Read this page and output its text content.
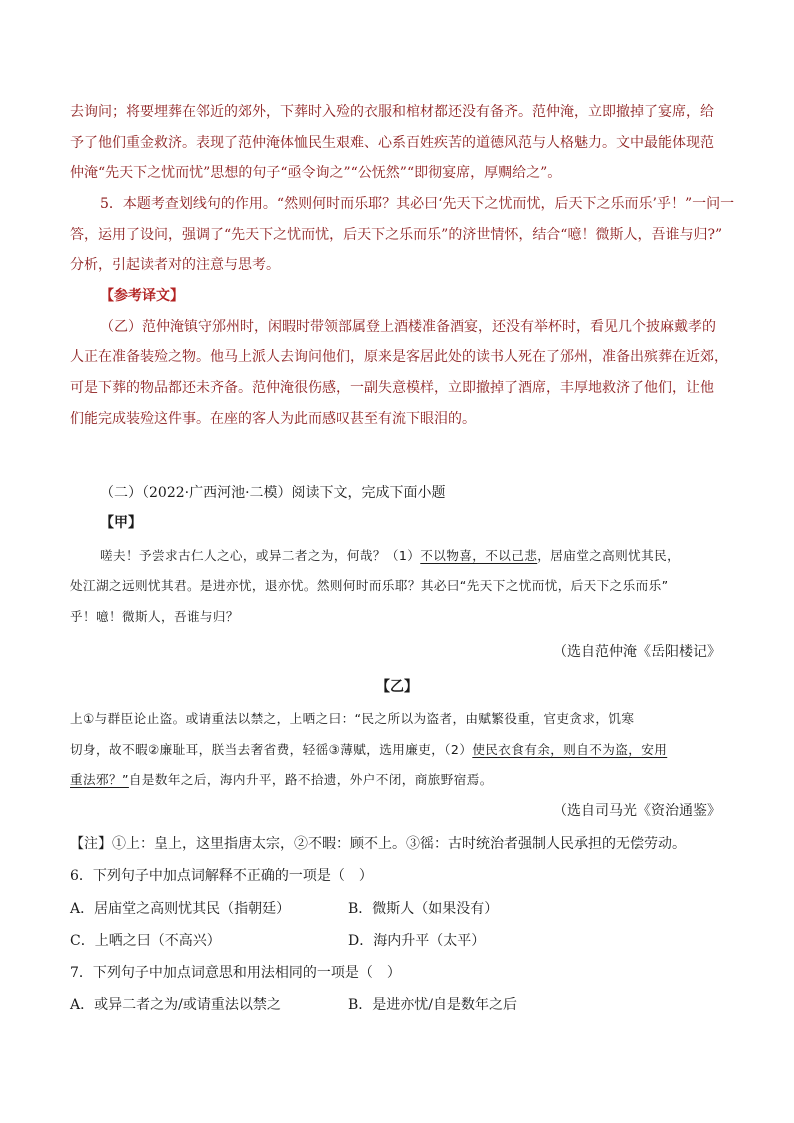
去询问；将要埋葬在邻近的郊外，下葬时入殓的衣服和棺材都还没有备齐。范仲淹，立即撤掉了宴席，给
予了他们重金救济。表现了范仲淹体恤民生艰难、心系百姓疾苦的道德风范与人格魅力。文中最能体现范
仲淹“先天下之忧而忧”思想的句子“亟令询之”“公怃然”“即彻宴席，厚赒给之”。
5．本题考查划线句的作用。“然则何时而乐耶？其必曰‘先天下之忧而忧，后天下之乐而乐’乎！”一问一
答，运用了设问，强调了“先天下之忧而忧，后天下之乐而乐”的济世情怀，结合“噫！微斯人，吾谁与归?”
分析，引起读者对的注意与思考。
【参考译文】
（乙）范仲淹镇守邠州时，闲暇时带领部属登上酒楼准备酒宴，还没有举杯时，看见几个披麻戴孝的
人正在准备装殓之物。他马上派人去询问他们，原来是客居此处的读书人死在了邠州，准备出殡葬在近郊，
可是下葬的物品都还未齐备。范仲淹很伤感，一副失意模样，立即撤掉了酒席，丰厚地救济了他们，让他
们能完成装殓这件事。在座的客人为此而感叹甚至有流下眼泪的。
（二）（2022·广西河池·二模）阅读下文，完成下面小题
【甲】
嗟夫！予尝求古仁人之心，或异二者之为，何哉？（1）不以物喜，不以己悲，居庙堂之高则忧其民，
处江湖之远则忧其君。是进亦忧，退亦忧。然则何时而乐耶？其必曰“先天下之忧而忧，后天下之乐而乐”
乎！噫！微斯人，吾谁与归？
（选自范仲淹《岳阳楼记》
【乙】
上①与群臣论止盗。或请重法以禁之，上哂之曰：“民之所以为盗者，由赋繁役重，官吏贪求，饥寒
切身，故不暇②廉耻耳，朕当去奢省费，轻徭③薄赋，选用廉吏，（2）使民衣食有余，则自不为盗，安用
重法邪？”自是数年之后，海内升平，路不拾遗，外户不闭，商旅野宿焉。
（选自司马光《资治通鉴》
【注】①上：皇上，这里指唐太宗，②不暇：顾不上。③徭：古时统治者强制人民承担的无偿劳动。
6．下列句子中加点词解释不正确的一项是（　）
A．居庙堂之高则忧其民（指朝廷）	B．微斯人（如果没有）
C．上哂之曰（不高兴）	D．海内升平（太平）
7．下列句子中加点词意思和用法相同的一项是（　）
A．或异二者之为/或请重法以禁之	B．是进亦忧/自是数年之后
